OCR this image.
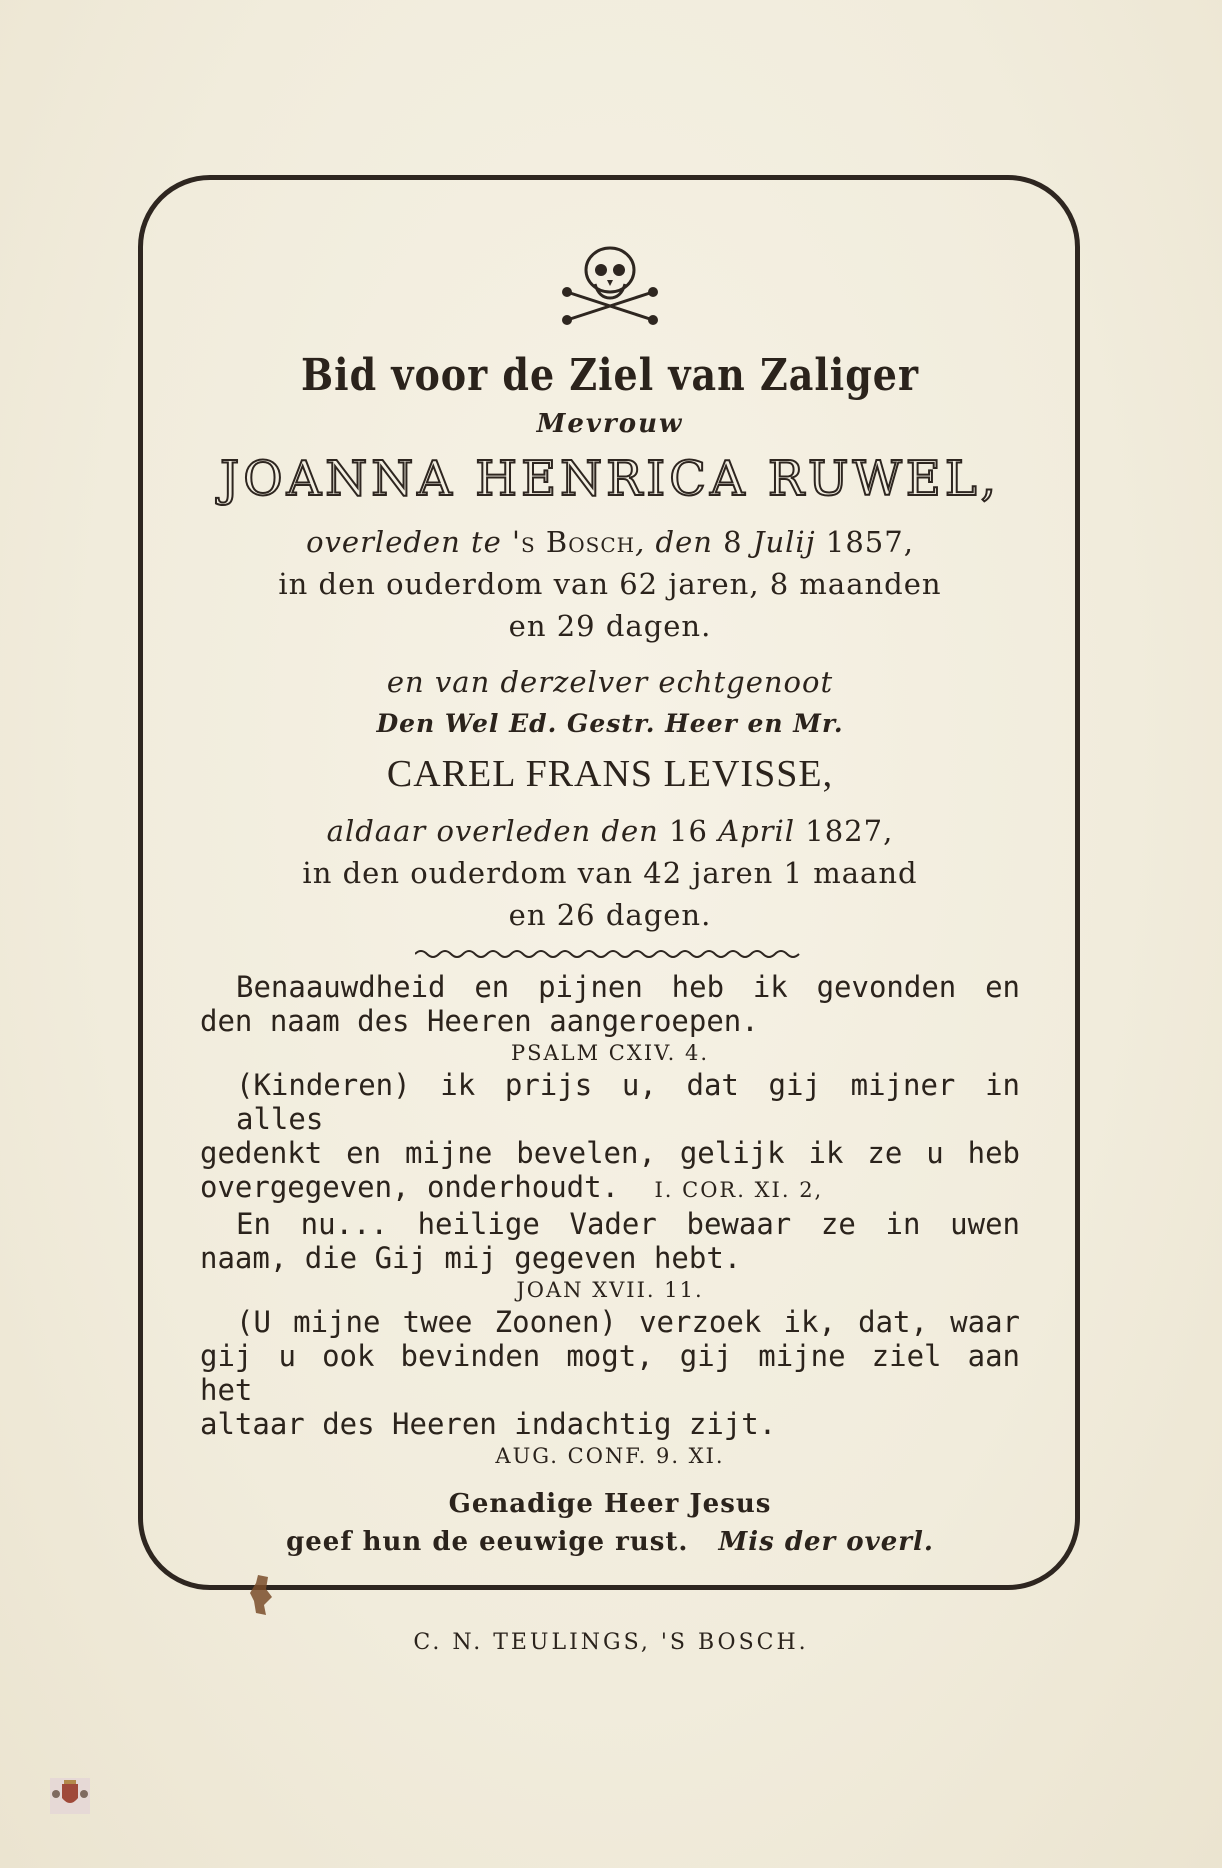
Bid voor de Ziel van Zaliger

Mevrouw

JOANNA HENRICA RUWEL,

overleden te 's Bosch, den 8 Julij 1857,

in den ouderdom van 62 jaren, 8 maanden

en 29 dagen.

en van derzelver echtgenoot

Den Wel Ed. Gestr. Heer en Mr.

CAREL FRANS LEVISSE,

aldaar overleden den 16 April 1827,

in den ouderdom van 42 jaren 1 maand

en 26 dagen.

Benaauwdheid en pijnen heb ik gevonden en

den naam des Heeren aangeroepen.

PSALM CXIV. 4.

(Kinderen) ik prijs u, dat gij mijner in alles

gedenkt en mijne bevelen, gelijk ik ze u heb

overgegeven, onderhoudt. I. COR. XI. 2,

En nu... heilige Vader bewaar ze in uwen

naam, die Gij mij gegeven hebt.

JOAN XVII. 11.

(U mijne twee Zoonen) verzoek ik, dat, waar

gij u ook bevinden mogt, gij mijne ziel aan het

altaar des Heeren indachtig zijt.

AUG. CONF. 9. XI.

Genadige Heer Jesus

geef hun de eeuwige rust. Mis der overl.

C. N. TEULINGS, 'S BOSCH.
